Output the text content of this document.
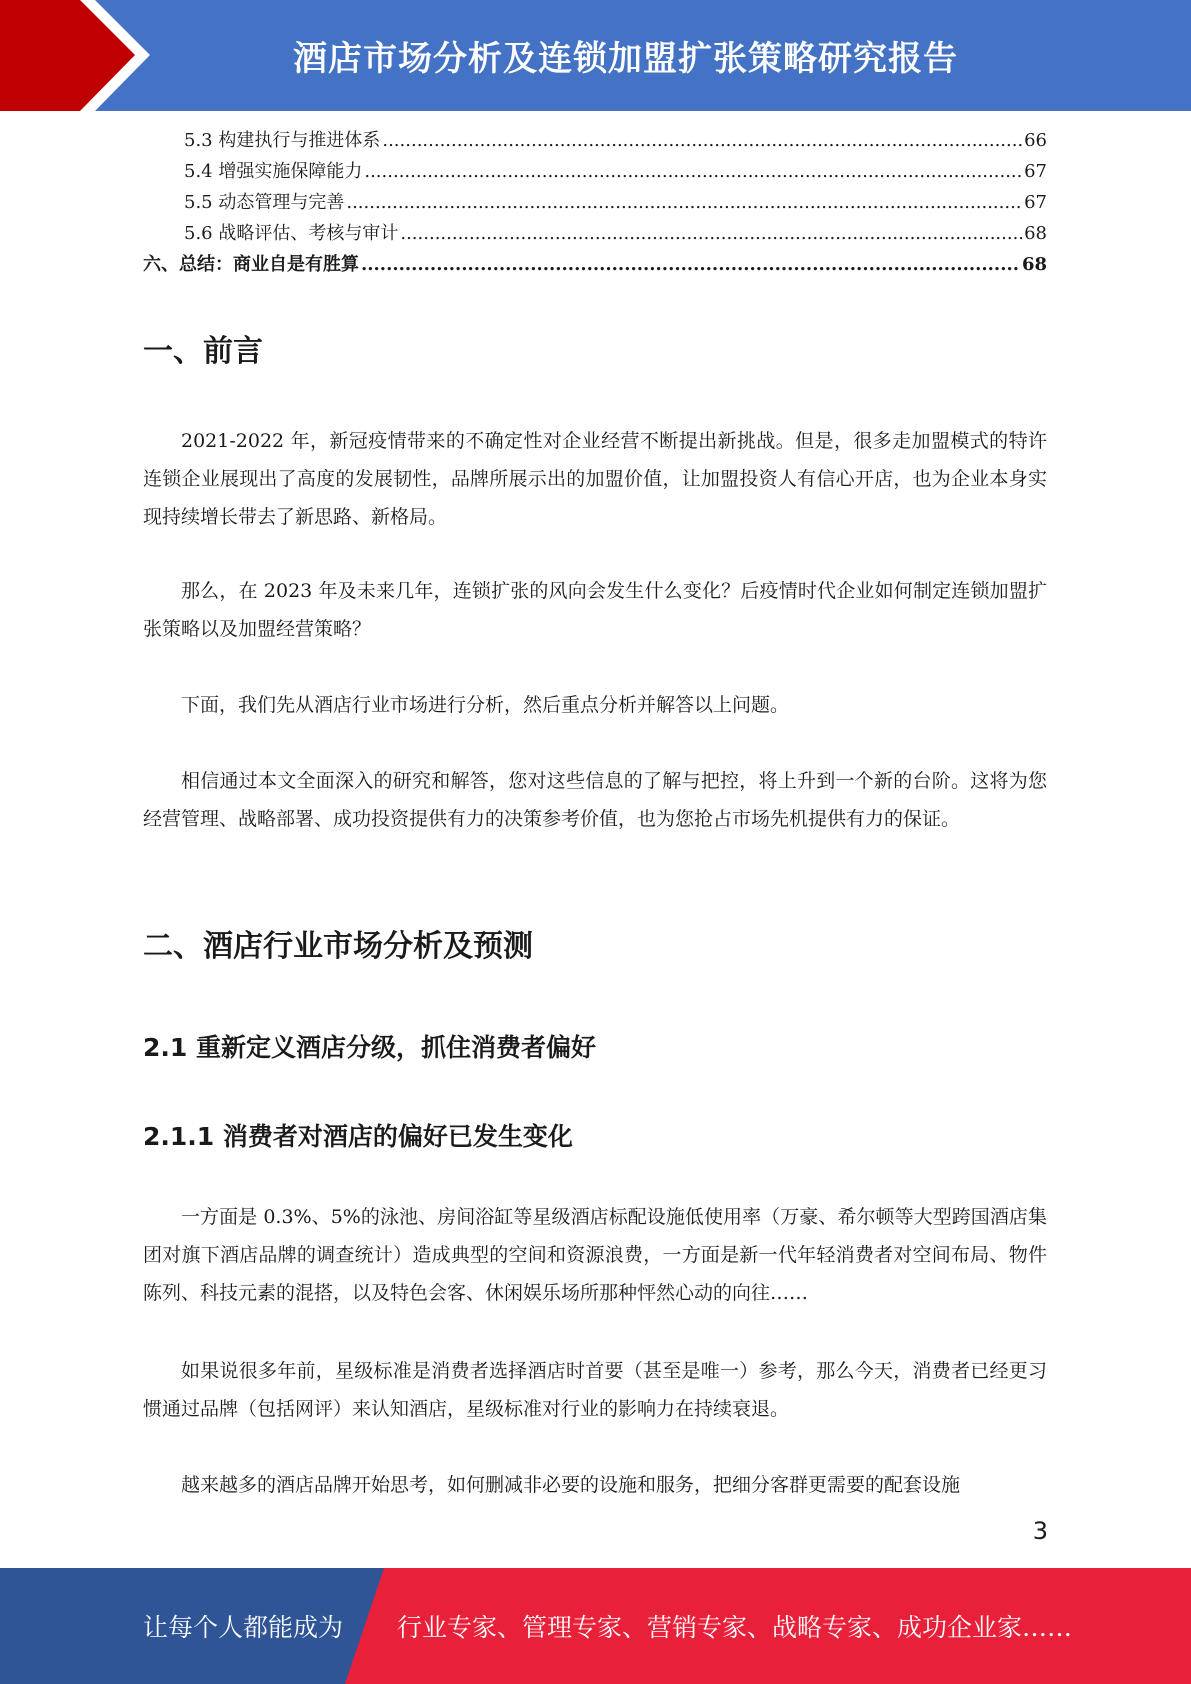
酒店市场分析及连锁加盟扩张策略研究报告
5.3 构建执行与推进体系 .....	66
5.4 增强实施保障能力 .....	67
5.5 动态管理与完善 .....	67
5.6 战略评估、考核与审计 .....	68
六、总结：商业自是有胜算 .....	68
一、前言

2021-2022 年，新冠疫情带来的不确定性对企业经营不断提出新挑战。但是，很多走加盟模式的特许连锁企业展现出了高度的发展韧性，品牌所展示出的加盟价值，让加盟投资人有信心开店，也为企业本身实现持续增长带去了新思路、新格局。

那么，在 2023 年及未来几年，连锁扩张的风向会发生什么变化？后疫情时代企业如何制定连锁加盟扩张策略以及加盟经营策略？

下面，我们先从酒店行业市场进行分析，然后重点分析并解答以上问题。

相信通过本文全面深入的研究和解答，您对这些信息的了解与把控，将上升到一个新的台阶。这将为您经营管理、战略部署、成功投资提供有力的决策参考价值，也为您抢占市场先机提供有力的保证。

二、酒店行业市场分析及预测
2.1 重新定义酒店分级，抓住消费者偏好
2.1.1 消费者对酒店的偏好已发生变化

一方面是 0.3%、5%的泳池、房间浴缸等星级酒店标配设施低使用率（万豪、希尔顿等大型跨国酒店集团对旗下酒店品牌的调查统计）造成典型的空间和资源浪费，一方面是新一代年轻消费者对空间布局、物件陈列、科技元素的混搭，以及特色会客、休闲娱乐场所那种怦然心动的向往……

如果说很多年前，星级标准是消费者选择酒店时首要（甚至是唯一）参考，那么今天，消费者已经更习惯通过品牌（包括网评）来认知酒店，星级标准对行业的影响力在持续衰退。

越来越多的酒店品牌开始思考，如何删减非必要的设施和服务，把细分客群更需要的配套设施

3
让每个人都能成为 行业专家、管理专家、营销专家、战略专家、成功企业家……
